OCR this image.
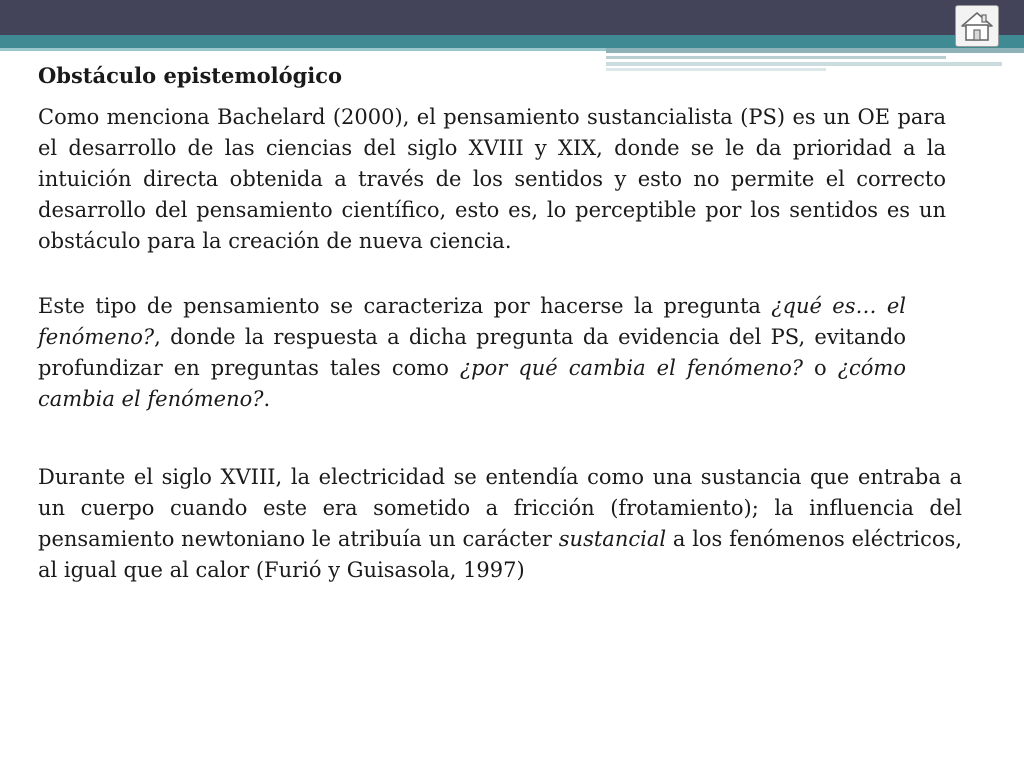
Obstáculo epistemológico

Como menciona Bachelard (2000), el pensamiento sustancialista (PS) es un OE para el desarrollo de las ciencias del siglo XVIII y XIX, donde se le da prioridad a la intuición directa obtenida a través de los sentidos y esto no permite el correcto desarrollo del pensamiento científico, esto es, lo perceptible por los sentidos es un obstáculo para la creación de nueva ciencia.

Este tipo de pensamiento se caracteriza por hacerse la pregunta ¿qué es… el fenómeno?, donde la respuesta a dicha pregunta da evidencia del PS, evitando profundizar en preguntas tales como ¿por qué cambia el fenómeno? o ¿cómo cambia el fenómeno?.

Durante el siglo XVIII, la electricidad se entendía como una sustancia que entraba a un cuerpo cuando este era sometido a fricción (frotamiento); la influencia del pensamiento newtoniano le atribuía un carácter sustancial a los fenómenos eléctricos, al igual que al calor (Furió y Guisasola, 1997)
